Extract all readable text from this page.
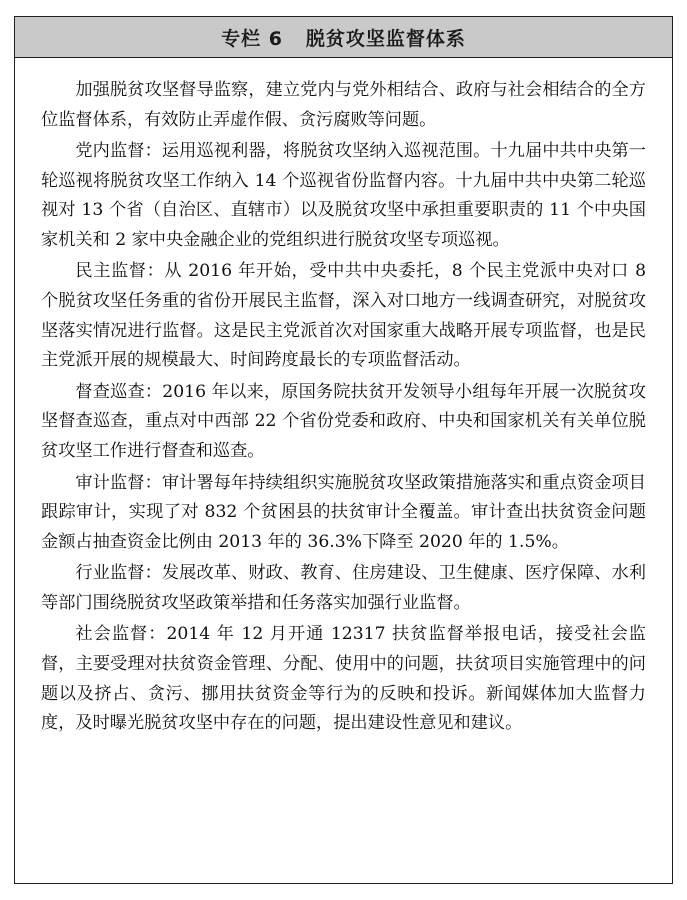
专栏 6   脱贫攻坚监督体系

加强脱贫攻坚督导监察，建立党内与党外相结合、政府与社会相结合的全方位监督体系，有效防止弄虚作假、贪污腐败等问题。

党内监督：运用巡视利器，将脱贫攻坚纳入巡视范围。十九届中共中央第一轮巡视将脱贫攻坚工作纳入 14 个巡视省份监督内容。十九届中共中央第二轮巡视对 13 个省（自治区、直辖市）以及脱贫攻坚中承担重要职责的 11 个中央国家机关和 2 家中央金融企业的党组织进行脱贫攻坚专项巡视。

民主监督：从 2016 年开始，受中共中央委托，8 个民主党派中央对口 8 个脱贫攻坚任务重的省份开展民主监督，深入对口地方一线调查研究，对脱贫攻坚落实情况进行监督。这是民主党派首次对国家重大战略开展专项监督，也是民主党派开展的规模最大、时间跨度最长的专项监督活动。

督查巡查：2016 年以来，原国务院扶贫开发领导小组每年开展一次脱贫攻坚督查巡查，重点对中西部 22 个省份党委和政府、中央和国家机关有关单位脱贫攻坚工作进行督查和巡查。

审计监督：审计署每年持续组织实施脱贫攻坚政策措施落实和重点资金项目跟踪审计，实现了对 832 个贫困县的扶贫审计全覆盖。审计查出扶贫资金问题金额占抽查资金比例由 2013 年的 36.3%下降至 2020 年的 1.5%。

行业监督：发展改革、财政、教育、住房建设、卫生健康、医疗保障、水利等部门围绕脱贫攻坚政策举措和任务落实加强行业监督。

社会监督：2014 年 12 月开通 12317 扶贫监督举报电话，接受社会监督，主要受理对扶贫资金管理、分配、使用中的问题，扶贫项目实施管理中的问题以及挤占、贪污、挪用扶贫资金等行为的反映和投诉。新闻媒体加大监督力度，及时曝光脱贫攻坚中存在的问题，提出建设性意见和建议。
